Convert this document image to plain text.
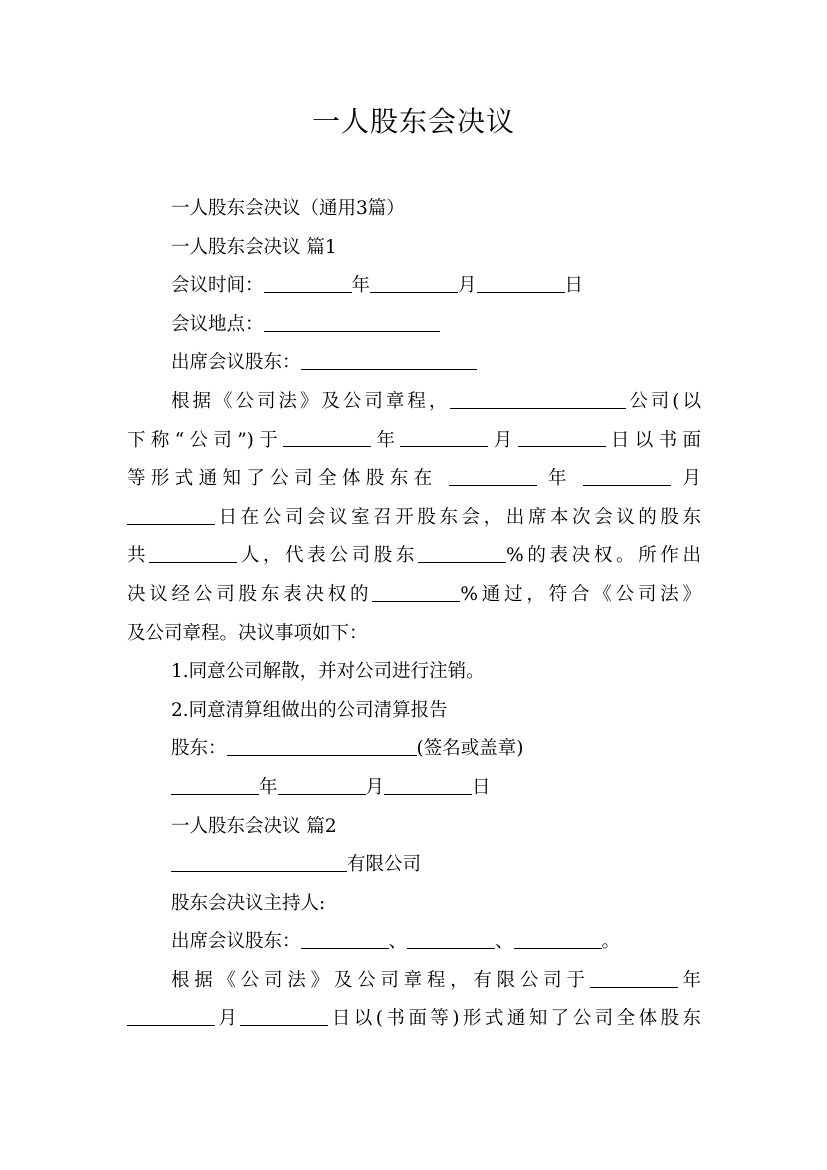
一人股东会决议

一人股东会决议（通用3篇）

一人股东会决议 篇1

会议时间：	年	月	日

会议地点：

出席会议股东：

根据《公司法》及公司章程，	公司(以

下称“公司”)于	年	月	日以书面

等形式通知了公司全体股东在	年	月

日在公司会议室召开股东会，出席本次会议的股东

共	人，代表公司股东	%的表决权。所作出

决议经公司股东表决权的	%通过，符合《公司法》

及公司章程。决议事项如下：

1.同意公司解散，并对公司进行注销。

2.同意清算组做出的公司清算报告

股东：	(签名或盖章)

年	月	日

一人股东会决议 篇2

有限公司

股东会决议主持人:

出席会议股东：	、	、	。

根据《公司法》及公司章程，有限公司于	年

月	日以(书面等)形式通知了公司全体股东
